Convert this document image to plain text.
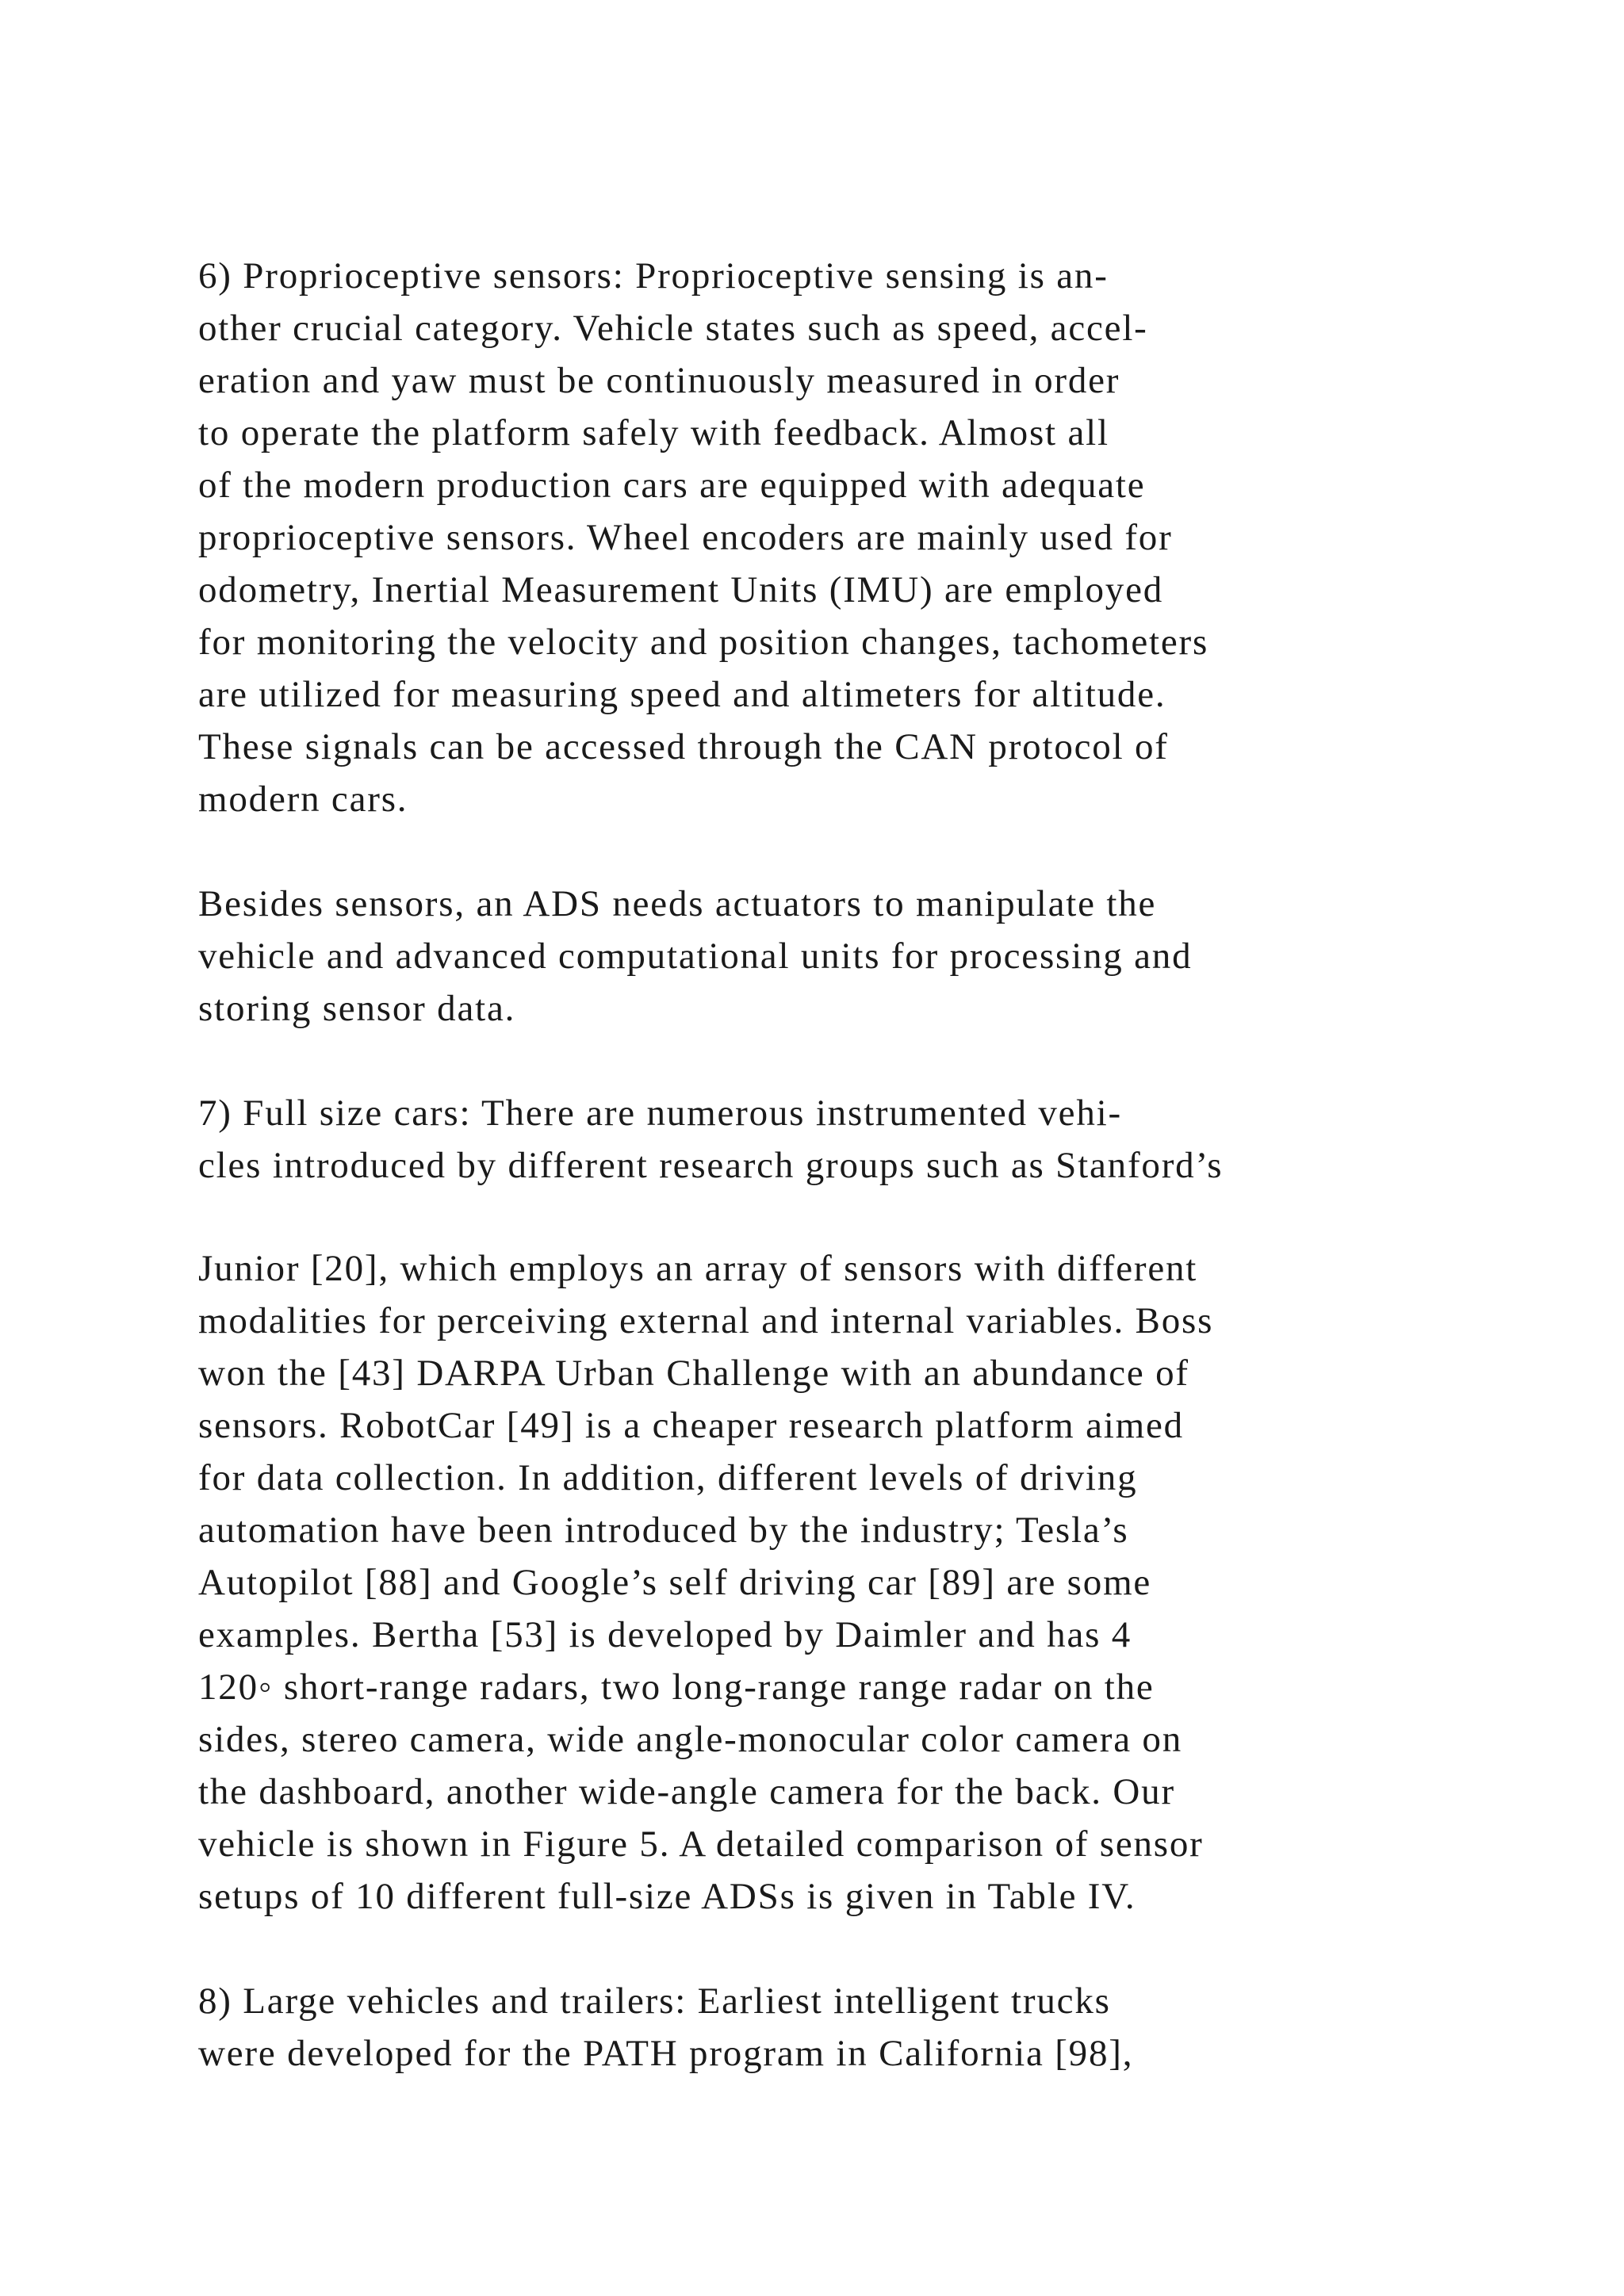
6) Proprioceptive sensors: Proprioceptive sensing is an-
other crucial category. Vehicle states such as speed, accel-
eration and yaw must be continuously measured in order
to operate the platform safely with feedback. Almost all
of the modern production cars are equipped with adequate
proprioceptive sensors. Wheel encoders are mainly used for
odometry, Inertial Measurement Units (IMU) are employed
for monitoring the velocity and position changes, tachometers
are utilized for measuring speed and altimeters for altitude.
These signals can be accessed through the CAN protocol of
modern cars.
Besides sensors, an ADS needs actuators to manipulate the
vehicle and advanced computational units for processing and
storing sensor data.
7) Full size cars: There are numerous instrumented vehi-
cles introduced by different research groups such as Stanford’s
Junior [20], which employs an array of sensors with different
modalities for perceiving external and internal variables. Boss
won the [43] DARPA Urban Challenge with an abundance of
sensors. RobotCar [49] is a cheaper research platform aimed
for data collection. In addition, different levels of driving
automation have been introduced by the industry; Tesla’s
Autopilot [88] and Google’s self driving car [89] are some
examples. Bertha [53] is developed by Daimler and has 4
120◦ short-range radars, two long-range range radar on the
sides, stereo camera, wide angle-monocular color camera on
the dashboard, another wide-angle camera for the back. Our
vehicle is shown in Figure 5. A detailed comparison of sensor
setups of 10 different full-size ADSs is given in Table IV.
8) Large vehicles and trailers: Earliest intelligent trucks
were developed for the PATH program in California [98],
